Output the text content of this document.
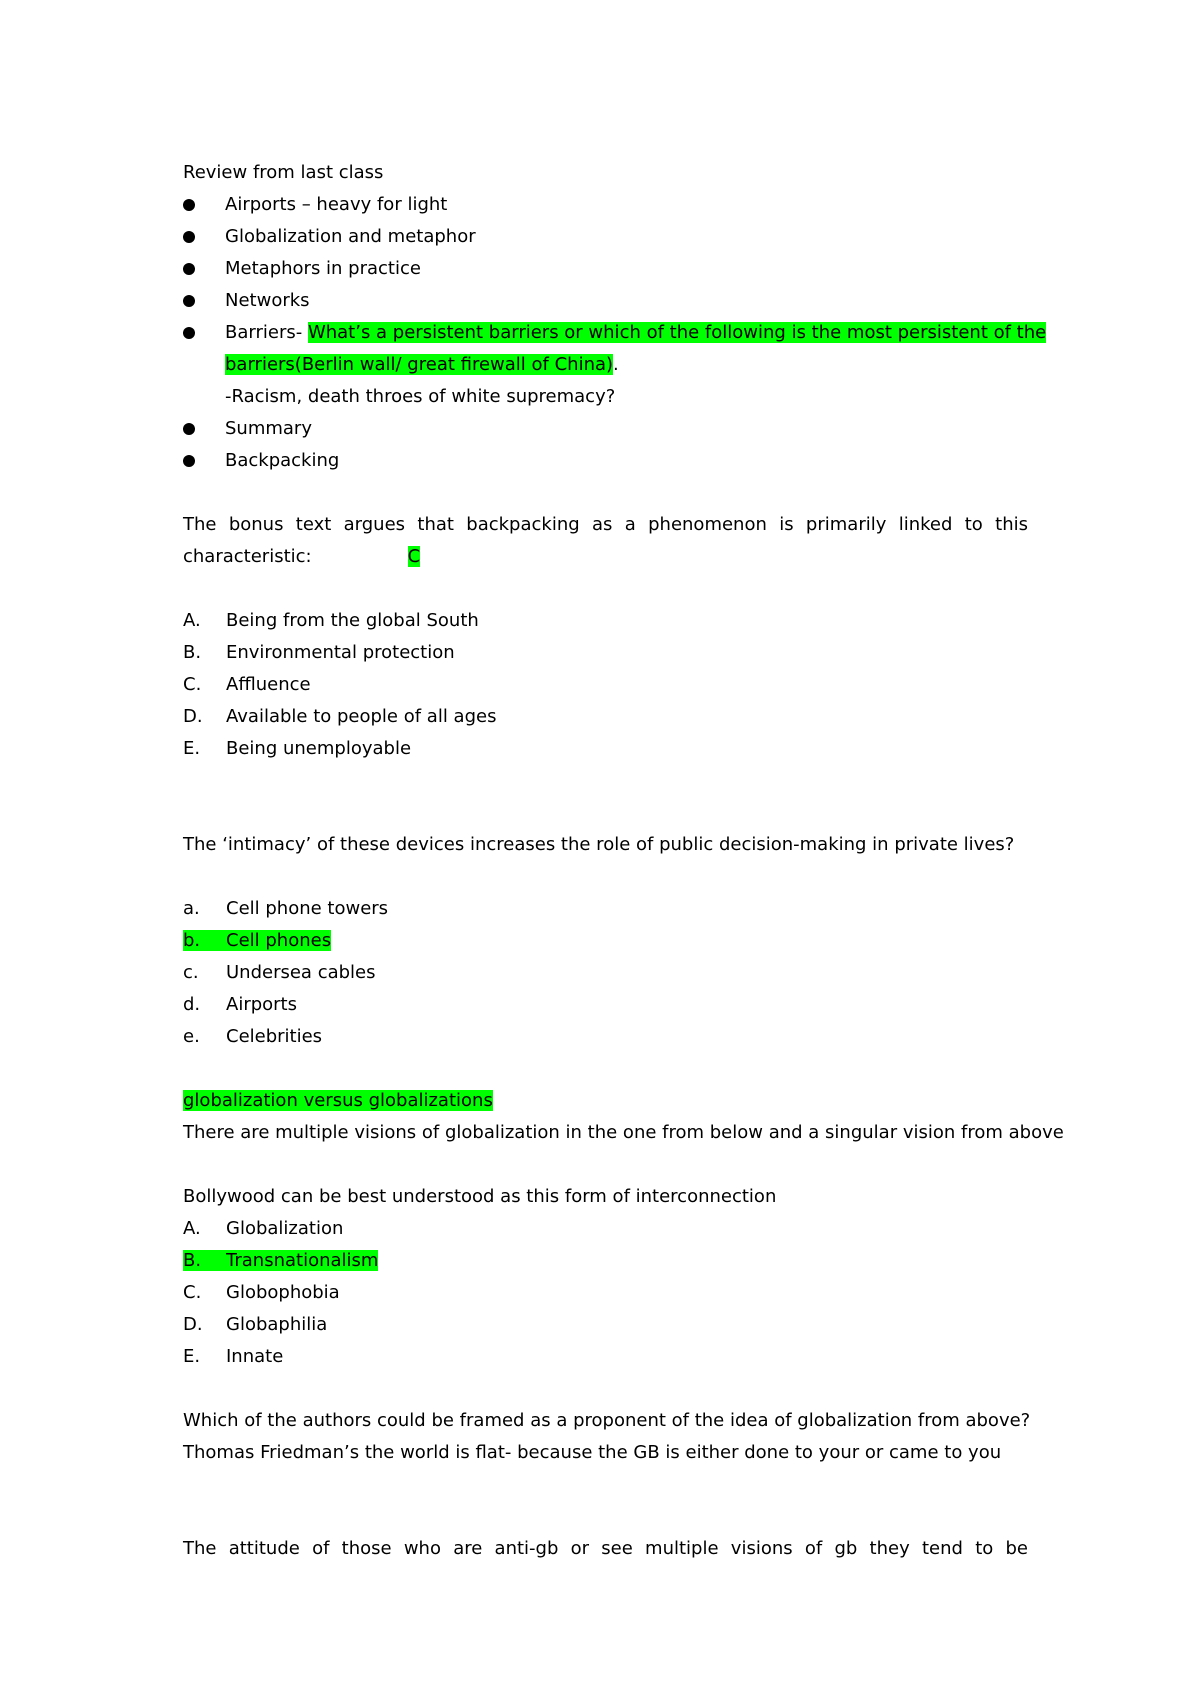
Review from last class

Airports – heavy for light
Globalization and metaphor
Metaphors in practice
Networks
Barriers- What’s a persistent barriers or which of the following is the most persistent of the
barriers(Berlin wall/ great firewall of China).
-Racism, death throes of white supremacy?
Summary
Backpacking
The bonus text argues that backpacking as a phenomenon is primarily linked to this
characteristic:	C
A. Being from the global South
B. Environmental protection
C. Affluence
D. Available to people of all ages
E. Being unemployable

The ‘intimacy’ of these devices increases the role of public decision-making in private lives?

a. Cell phone towers
b. Cell phones
c. Undersea cables
d. Airports
e. Celebrities

globalization versus globalizations

There are multiple visions of globalization in the one from below and a singular vision from above

Bollywood can be best understood as this form of interconnection

A. Globalization
B. Transnationalism
C. Globophobia
D. Globaphilia
E. Innate

Which of the authors could be framed as a proponent of the idea of globalization from above?

Thomas Friedman’s the world is flat- because the GB is either done to your or came to you

The attitude of those who are anti-gb or see multiple visions of gb they tend to be
